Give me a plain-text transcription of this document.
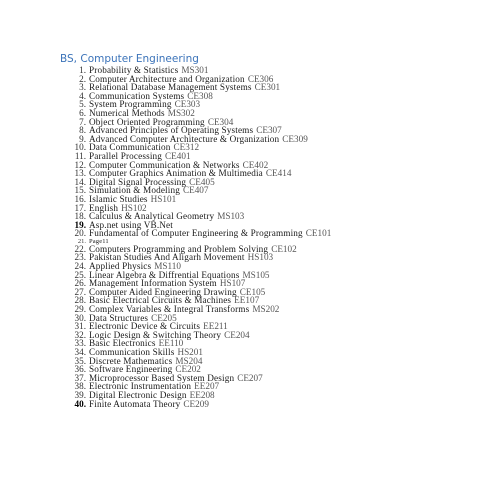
BS, Computer Engineering
1. Probability & Statistics MS301
2. Computer Architecture and Organization CE306
3. Relational Database Management Systems CE301
4. Communication Systems CE308
5. System Programming CE303
6. Numerical Methods MS302
7. Object Oriented Programming CE304
8. Advanced Principles of Operating Systems CE307
9. Advanced Computer Architecture & Organization CE309
10. Data Communication CE312
11. Parallel Processing CE401
12. Computer Communication & Networks CE402
13. Computer Graphics Animation & Multimedia CE414
14. Digital Signal Processing CE405
15. Simulation & Modeling CE407
16. Islamic Studies HS101
17. English HS102
18. Calculus & Analytical Geometry MS103
19. Asp.net using VB.Net
20. Fundamental of Computer Engineering & Programming CE101
21. Page11
22. Computers Programming and Problem Solving CE102
23. Pakistan Studies And Aligarh Movement HS103
24. Applied Physics MS110
25. Linear Algebra & Diffrential Equations MS105
26. Management Information System HS107
27. Computer Aided Engineering Drawing CE105
28. Basic Electrical Circuits & Machines EE107
29. Complex Variables & Integral Transforms MS202
30. Data Structures CE205
31. Electronic Device & Circuits EE211
32. Logic Design & Switching Theory CE204
33. Basic Electronics EE110
34. Communication Skills HS201
35. Discrete Mathematics MS204
36. Software Engineering CE202
37. Microprocessor Based System Design CE207
38. Electronic Instrumentation EE207
39. Digital Electronic Design EE208
40. Finite Automata Theory CE209
